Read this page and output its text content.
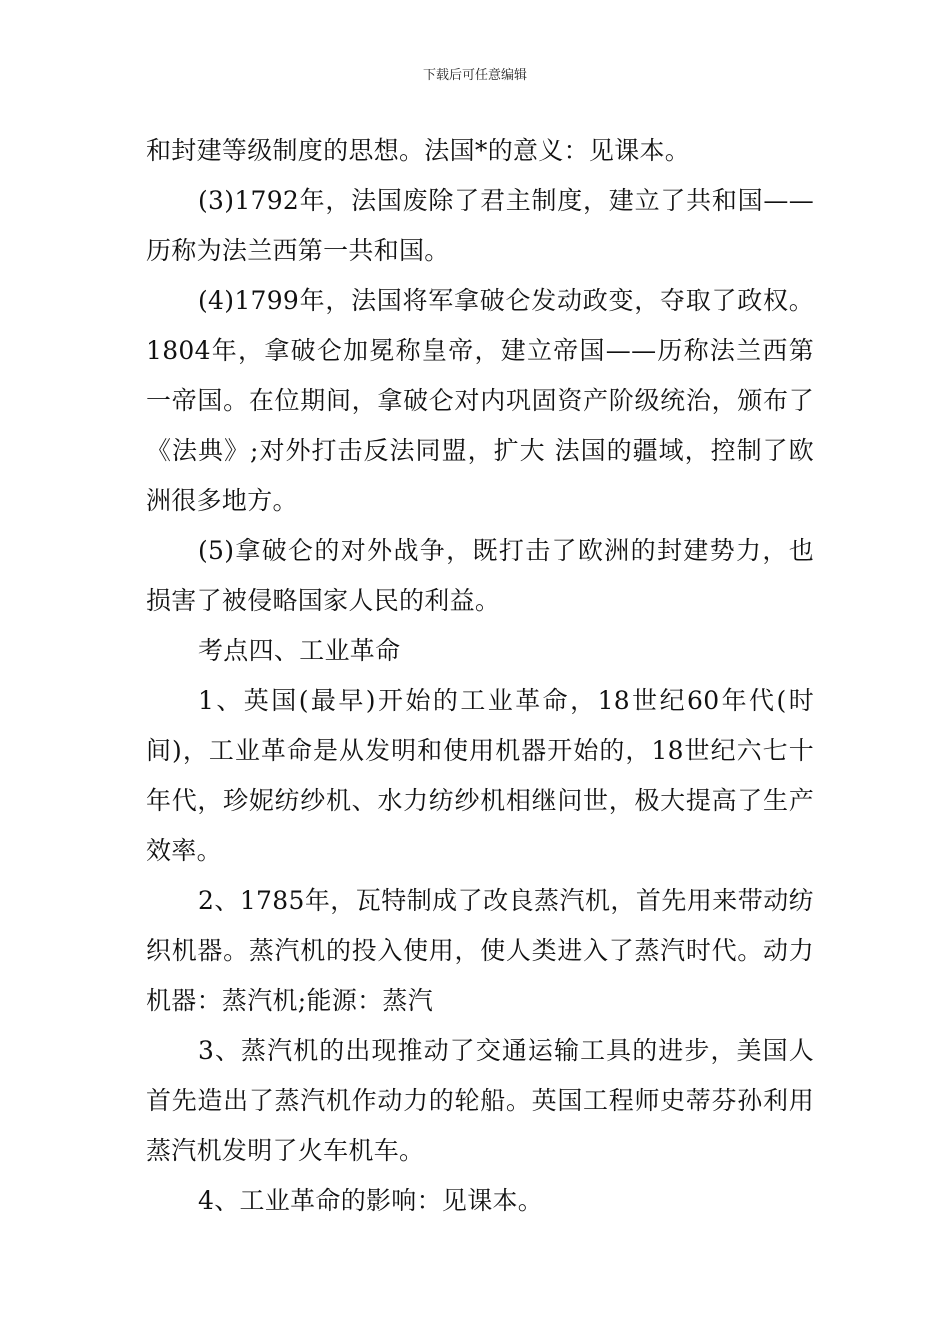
下载后可任意编辑

和封建等级制度的思想。法国*的意义：见课本。

(3)1792年，法国废除了君主制度，建立了共和国——历称为法兰西第一共和国。

(4)1799年，法国将军拿破仑发动政变，夺取了政权。1804年，拿破仑加冕称皇帝，建立帝国——历称法兰西第一帝国。在位期间，拿破仑对内巩固资产阶级统治，颁布了《法典》;对外打击反法同盟，扩大 法国的疆域，控制了欧洲很多地方。

(5)拿破仑的对外战争，既打击了欧洲的封建势力，也损害了被侵略国家人民的利益。

考点四、工业革命

1、英国(最早)开始的工业革命，18世纪60年代(时间)，工业革命是从发明和使用机器开始的，18世纪六七十年代，珍妮纺纱机、水力纺纱机相继问世，极大提高了生产效率。

2、1785年，瓦特制成了改良蒸汽机，首先用来带动纺织机器。蒸汽机的投入使用，使人类进入了蒸汽时代。动力机器：蒸汽机;能源：蒸汽

3、蒸汽机的出现推动了交通运输工具的进步，美国人首先造出了蒸汽机作动力的轮船。英国工程师史蒂芬孙利用蒸汽机发明了火车机车。

4、工业革命的影响：见课本。
